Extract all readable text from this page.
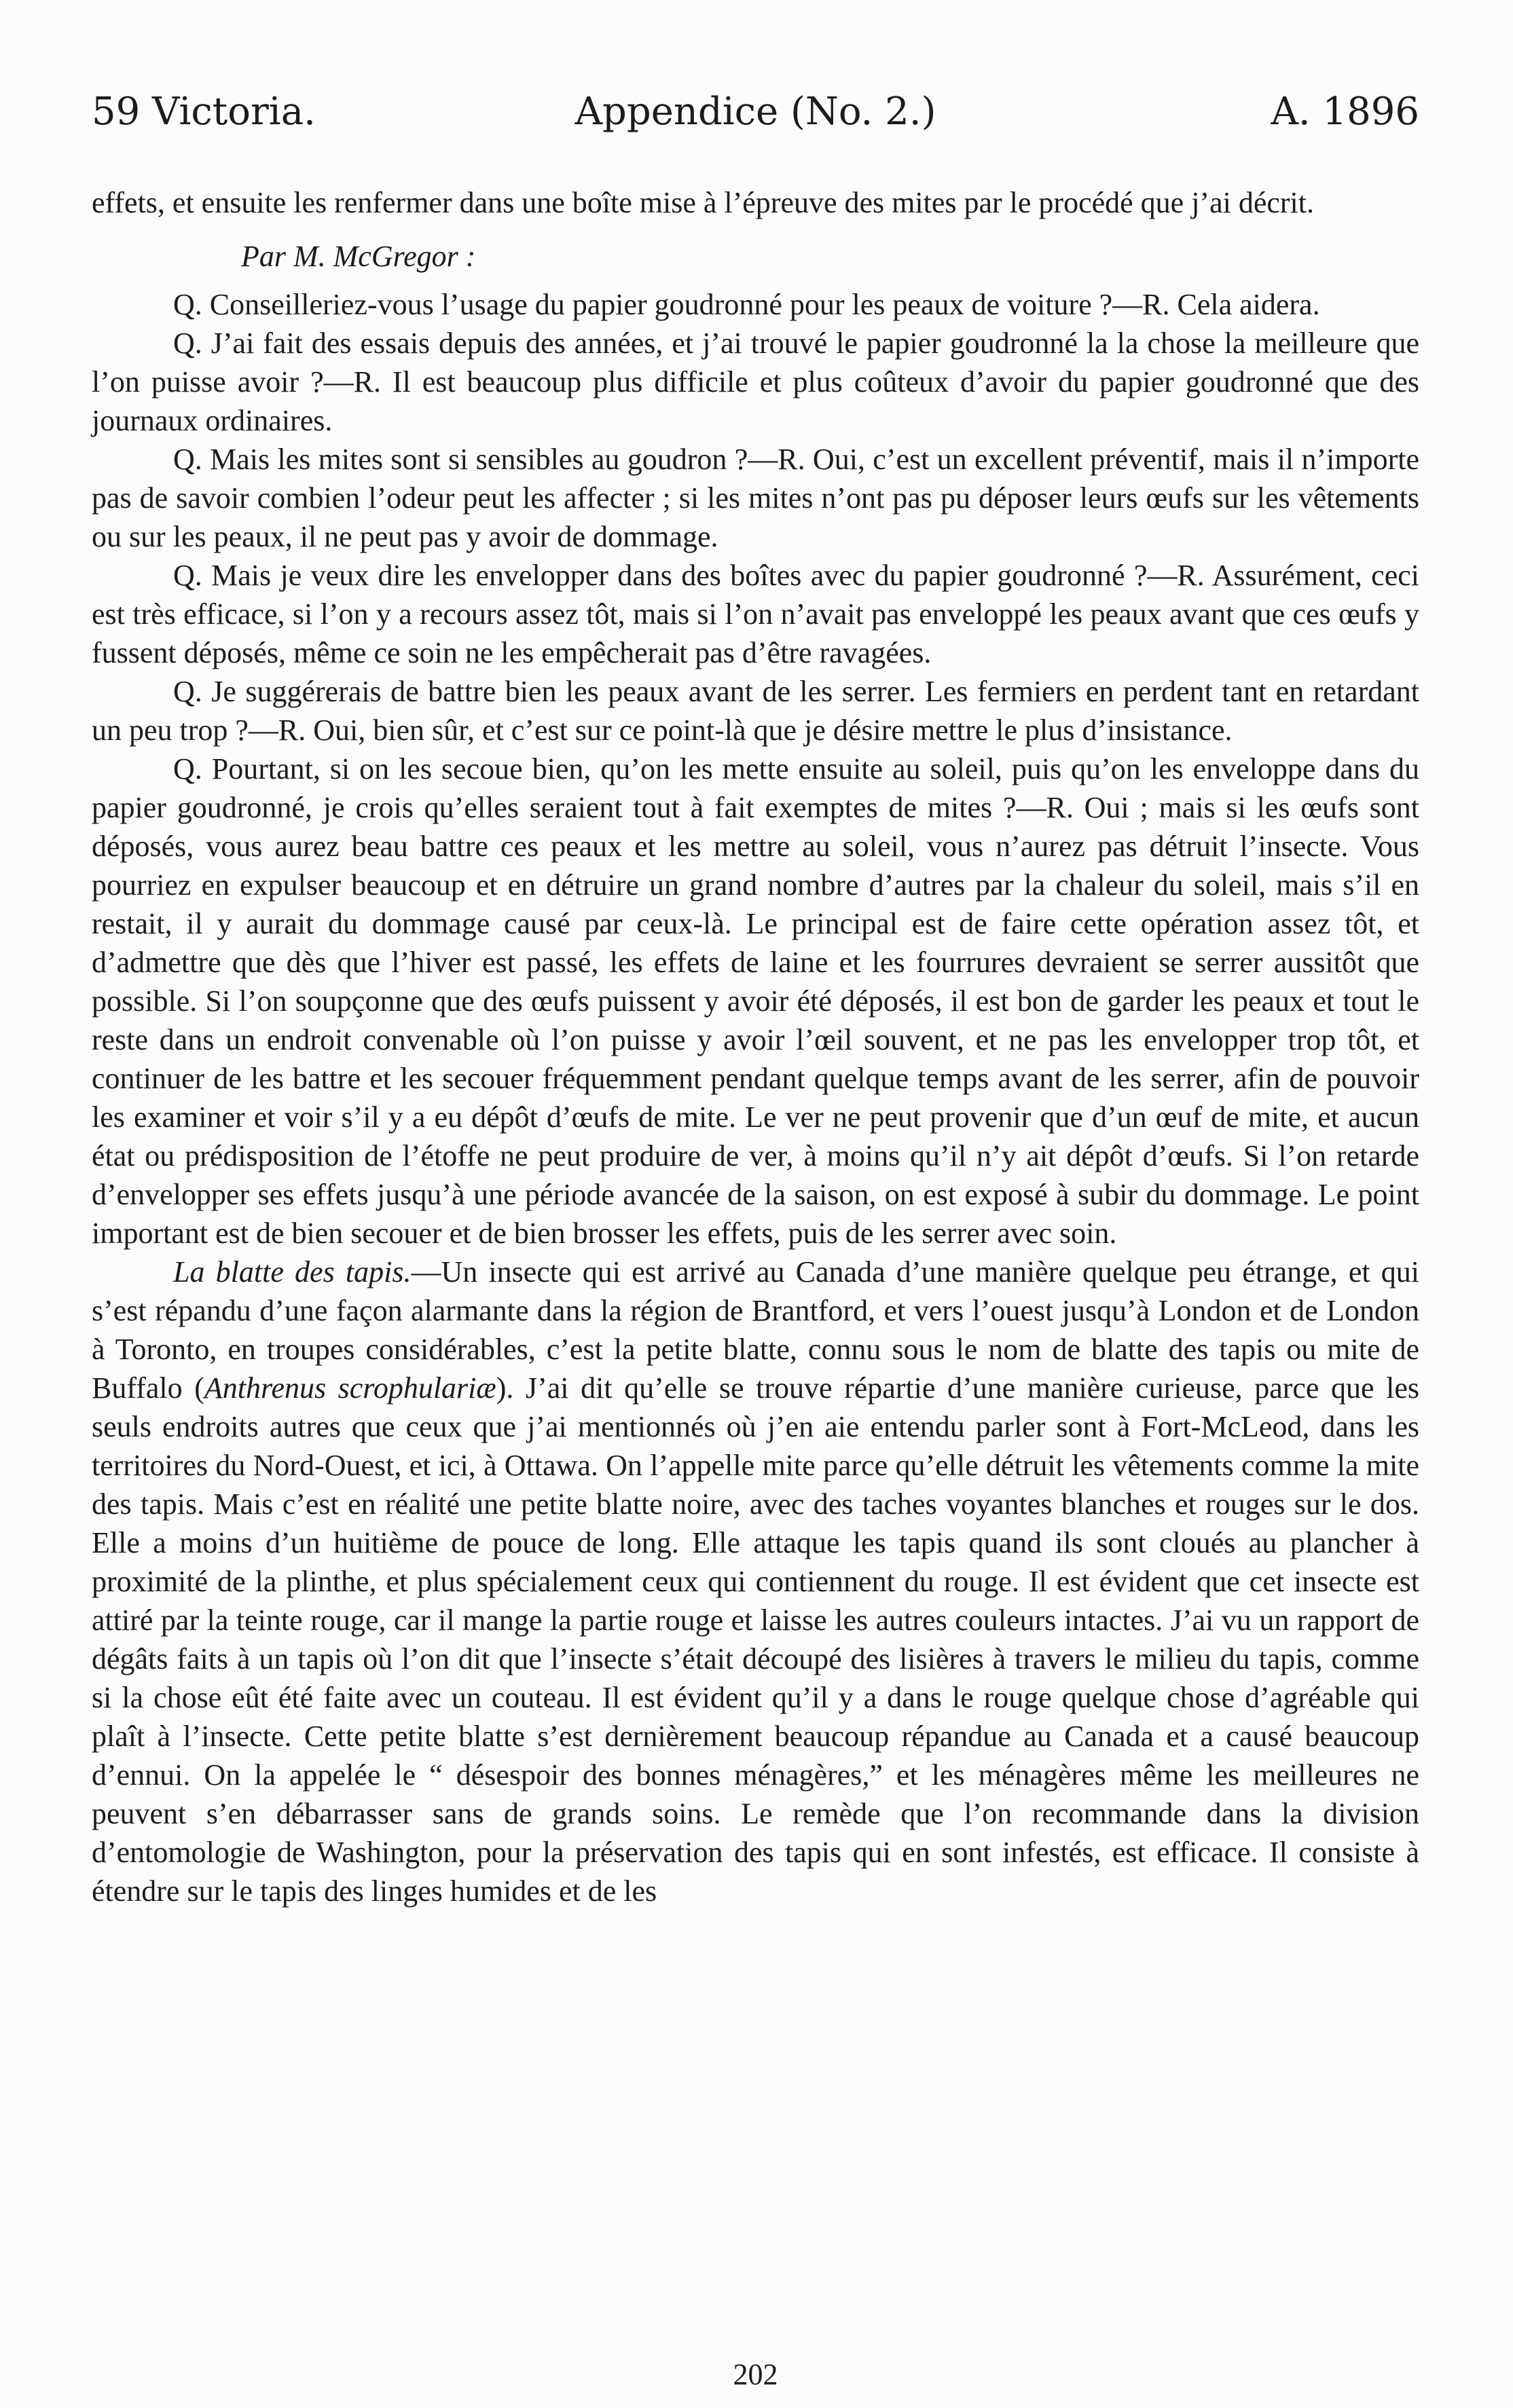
59 Victoria.	Appendice (No. 2.)	A. 1896

effets, et ensuite les renfermer dans une boîte mise à l’épreuve des mites par le procédé que j’ai décrit.

Par M. McGregor :

Q. Conseilleriez-vous l’usage du papier goudronné pour les peaux de voiture ?—R. Cela aidera.

Q. J’ai fait des essais depuis des années, et j’ai trouvé le papier goudronné la la chose la meilleure que l’on puisse avoir ?—R. Il est beaucoup plus difficile et plus coûteux d’avoir du papier goudronné que des journaux ordinaires.

Q. Mais les mites sont si sensibles au goudron ?—R. Oui, c’est un excellent préventif, mais il n’importe pas de savoir combien l’odeur peut les affecter ; si les mites n’ont pas pu déposer leurs œufs sur les vêtements ou sur les peaux, il ne peut pas y avoir de dommage.

Q. Mais je veux dire les envelopper dans des boîtes avec du papier goudronné ?—R. Assurément, ceci est très efficace, si l’on y a recours assez tôt, mais si l’on n’avait pas enveloppé les peaux avant que ces œufs y fussent déposés, même ce soin ne les empêcherait pas d’être ravagées.

Q. Je suggérerais de battre bien les peaux avant de les serrer. Les fermiers en perdent tant en retardant un peu trop ?—R. Oui, bien sûr, et c’est sur ce point-là que je désire mettre le plus d’insistance.

Q. Pourtant, si on les secoue bien, qu’on les mette ensuite au soleil, puis qu’on les enveloppe dans du papier goudronné, je crois qu’elles seraient tout à fait exemptes de mites ?—R. Oui ; mais si les œufs sont déposés, vous aurez beau battre ces peaux et les mettre au soleil, vous n’aurez pas détruit l’insecte. Vous pourriez en expulser beaucoup et en détruire un grand nombre d’autres par la chaleur du soleil, mais s’il en restait, il y aurait du dommage causé par ceux-là. Le principal est de faire cette opération assez tôt, et d’admettre que dès que l’hiver est passé, les effets de laine et les fourrures devraient se serrer aussitôt que possible. Si l’on soupçonne que des œufs puissent y avoir été déposés, il est bon de garder les peaux et tout le reste dans un endroit convenable où l’on puisse y avoir l’œil souvent, et ne pas les envelopper trop tôt, et continuer de les battre et les secouer fréquemment pendant quelque temps avant de les serrer, afin de pouvoir les examiner et voir s’il y a eu dépôt d’œufs de mite. Le ver ne peut provenir que d’un œuf de mite, et aucun état ou prédisposition de l’étoffe ne peut produire de ver, à moins qu’il n’y ait dépôt d’œufs. Si l’on retarde d’envelopper ses effets jusqu’à une période avancée de la saison, on est exposé à subir du dommage. Le point important est de bien secouer et de bien brosser les effets, puis de les serrer avec soin.

La blatte des tapis.—Un insecte qui est arrivé au Canada d’une manière quelque peu étrange, et qui s’est répandu d’une façon alarmante dans la région de Brantford, et vers l’ouest jusqu’à London et de London à Toronto, en troupes considérables, c’est la petite blatte, connu sous le nom de blatte des tapis ou mite de Buffalo (Anthrenus scrophulariæ). J’ai dit qu’elle se trouve répartie d’une manière curieuse, parce que les seuls endroits autres que ceux que j’ai mentionnés où j’en aie entendu parler sont à Fort-McLeod, dans les territoires du Nord-Ouest, et ici, à Ottawa. On l’appelle mite parce qu’elle détruit les vêtements comme la mite des tapis. Mais c’est en réalité une petite blatte noire, avec des taches voyantes blanches et rouges sur le dos. Elle a moins d’un huitième de pouce de long. Elle attaque les tapis quand ils sont cloués au plancher à proximité de la plinthe, et plus spécialement ceux qui contiennent du rouge. Il est évident que cet insecte est attiré par la teinte rouge, car il mange la partie rouge et laisse les autres couleurs intactes. J’ai vu un rapport de dégâts faits à un tapis où l’on dit que l’insecte s’était découpé des lisières à travers le milieu du tapis, comme si la chose eût été faite avec un couteau. Il est évident qu’il y a dans le rouge quelque chose d’agréable qui plaît à l’insecte. Cette petite blatte s’est dernièrement beaucoup répandue au Canada et a causé beaucoup d’ennui. On la appelée le “ désespoir des bonnes ménagères,” et les ménagères même les meilleures ne peuvent s’en débarrasser sans de grands soins. Le remède que l’on recommande dans la division d’entomologie de Washington, pour la préservation des tapis qui en sont infestés, est efficace. Il consiste à étendre sur le tapis des linges humides et de les

202
